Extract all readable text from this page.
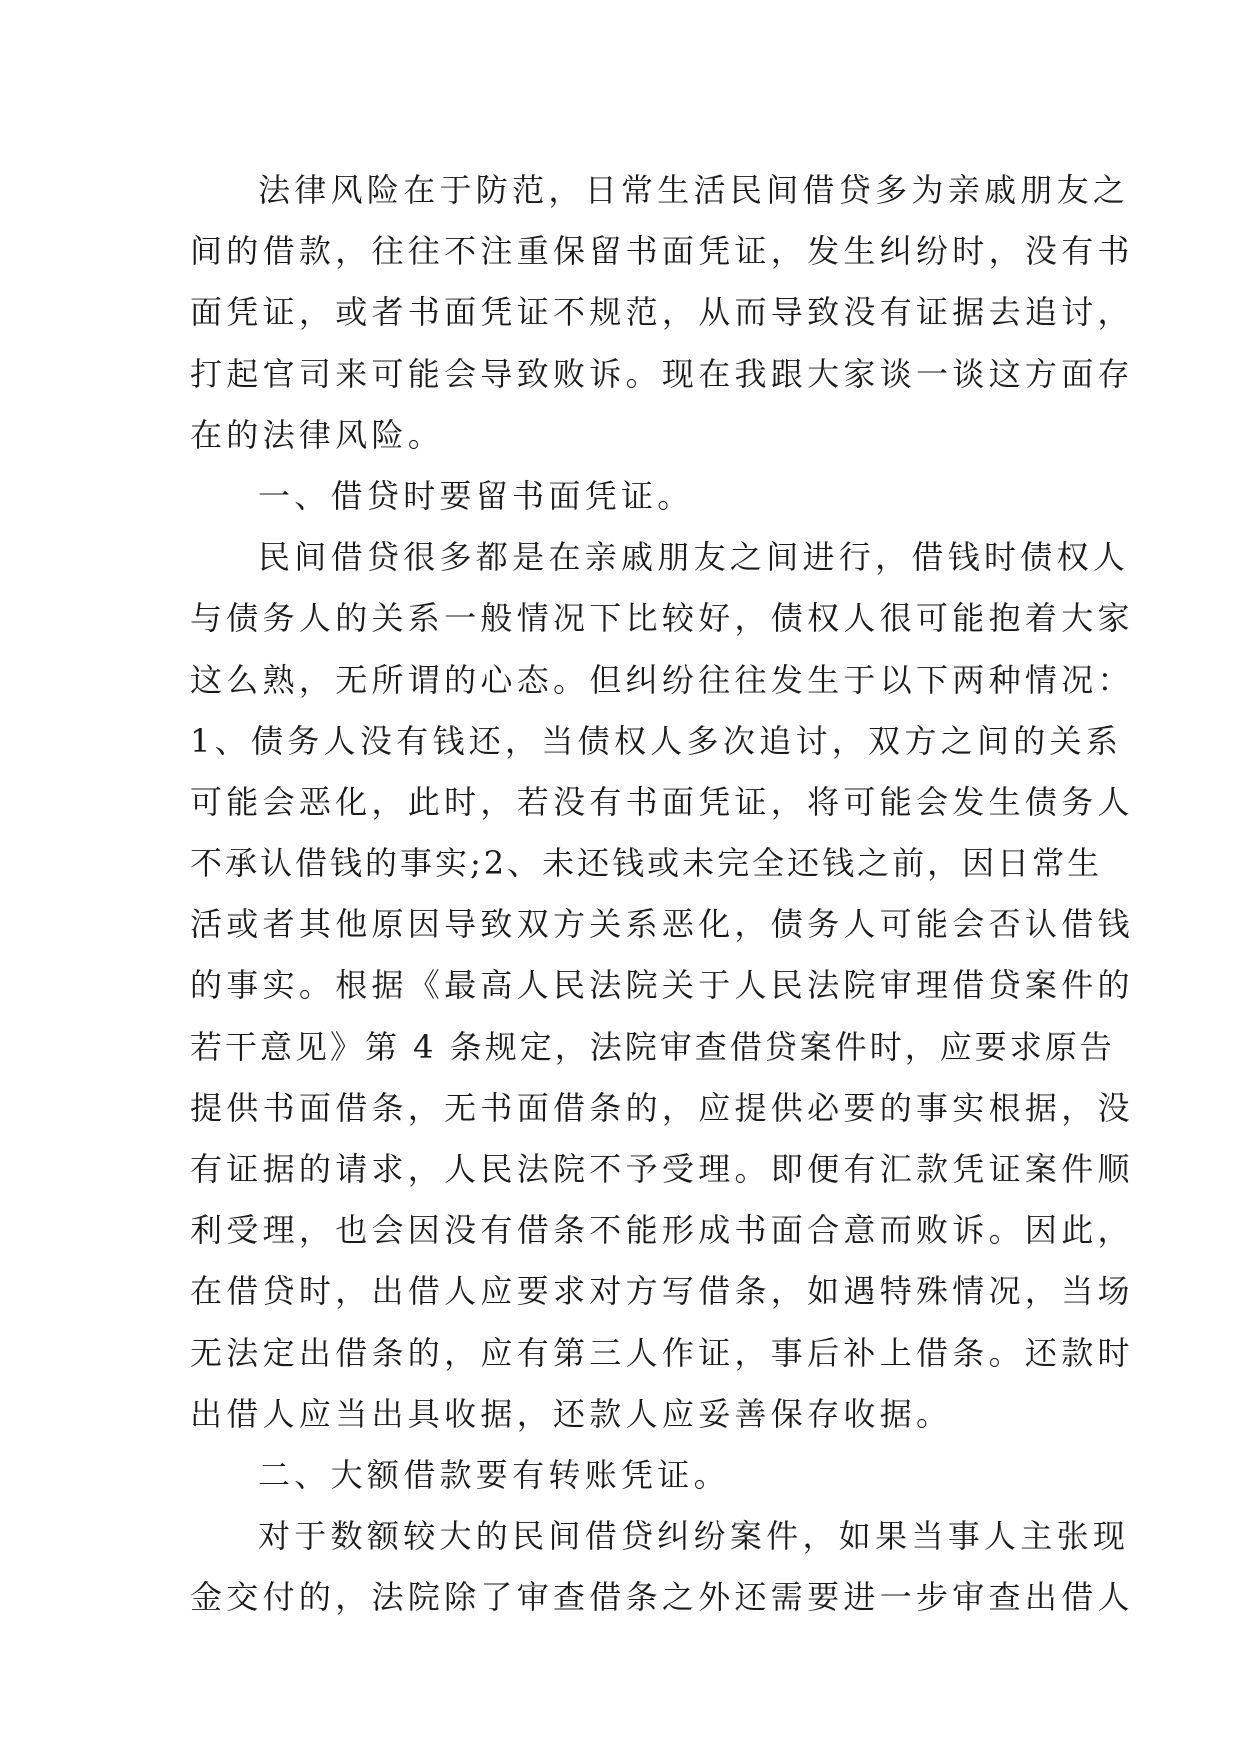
法律风险在于防范，日常生活民间借贷多为亲戚朋友之
间的借款，往往不注重保留书面凭证，发生纠纷时，没有书
面凭证，或者书面凭证不规范，从而导致没有证据去追讨，
打起官司来可能会导致败诉。现在我跟大家谈一谈这方面存
在的法律风险。
一、借贷时要留书面凭证。
民间借贷很多都是在亲戚朋友之间进行，借钱时债权人
与债务人的关系一般情况下比较好，债权人很可能抱着大家
这么熟，无所谓的心态。但纠纷往往发生于以下两种情况：
1、债务人没有钱还，当债权人多次追讨，双方之间的关系
可能会恶化，此时，若没有书面凭证，将可能会发生债务人
不承认借钱的事实;2、未还钱或未完全还钱之前，因日常生
活或者其他原因导致双方关系恶化，债务人可能会否认借钱
的事实。根据《最高人民法院关于人民法院审理借贷案件的
若干意见》第 4 条规定，法院审查借贷案件时，应要求原告
提供书面借条，无书面借条的，应提供必要的事实根据，没
有证据的请求，人民法院不予受理。即便有汇款凭证案件顺
利受理，也会因没有借条不能形成书面合意而败诉。因此，
在借贷时，出借人应要求对方写借条，如遇特殊情况，当场
无法定出借条的，应有第三人作证，事后补上借条。还款时
出借人应当出具收据，还款人应妥善保存收据。
二、大额借款要有转账凭证。
对于数额较大的民间借贷纠纷案件，如果当事人主张现
金交付的，法院除了审查借条之外还需要进一步审查出借人
